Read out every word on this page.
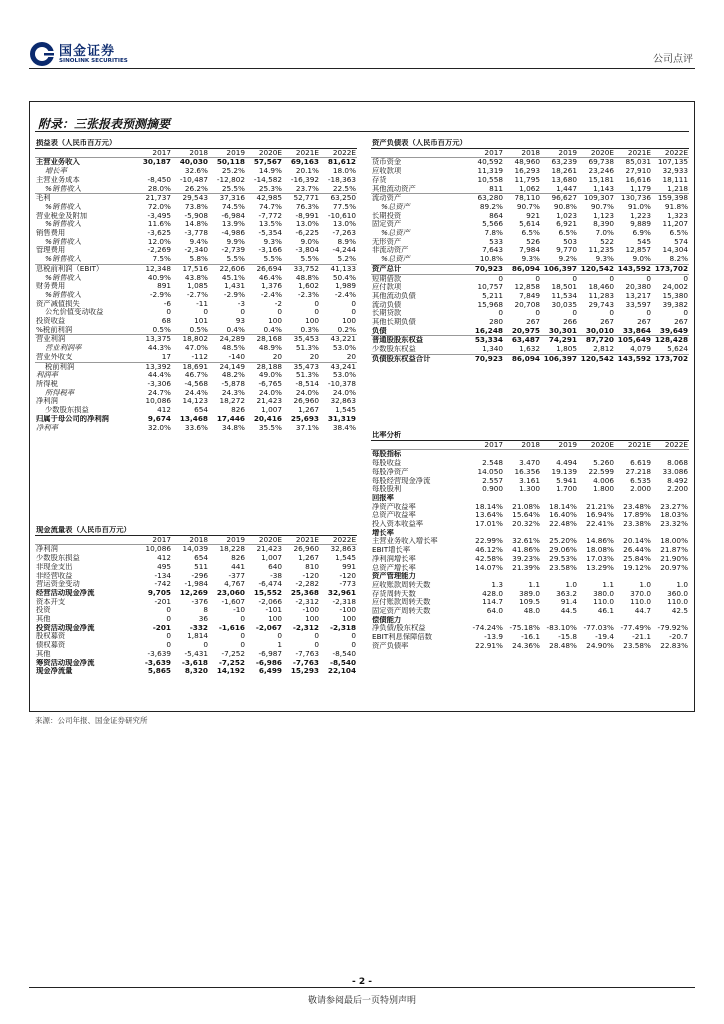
国金证券
SINOLINK SECURITIES	公司点评
附录：三张报表预测摘要
损益表（人民币百万元）						
	2017	2018	2019	2020E	2021E	2022E
主营业务收入	30,187	40,030	50,118	57,567	69,163	81,612
增长率		32.6%	25.2%	14.9%	20.1%	18.0%
主营业务成本	-8,450	-10,487	-12,802	-14,582	-16,392	-18,363
%销售收入	28.0%	26.2%	25.5%	25.3%	23.7%	22.5%
毛利	21,737	29,543	37,316	42,985	52,771	63,250
%销售收入	72.0%	73.8%	74.5%	74.7%	76.3%	77.5%
营业税金及附加	-3,495	-5,908	-6,984	-7,772	-8,991	-10,610
%销售收入	11.6%	14.8%	13.9%	13.5%	13.0%	13.0%
销售费用	-3,625	-3,778	-4,986	-5,354	-6,225	-7,263
%销售收入	12.0%	9.4%	9.9%	9.3%	9.0%	8.9%
管理费用	-2,269	-2,340	-2,739	-3,166	-3,804	-4,244
%销售收入	7.5%	5.8%	5.5%	5.5%	5.5%	5.2%
息税前利润（EBIT）	12,348	17,516	22,606	26,694	33,752	41,133
%销售收入	40.9%	43.8%	45.1%	46.4%	48.8%	50.4%
财务费用	891	1,085	1,431	1,376	1,602	1,989
%销售收入	-2.9%	-2.7%	-2.9%	-2.4%	-2.3%	-2.4%
资产减值损失	-6	-11	-3	-2	0	0
公允价值变动收益	0	0	0	0	0	0
投资收益	68	101	93	100	100	100
%税前利润	0.5%	0.5%	0.4%	0.4%	0.3%	0.2%
营业利润	13,375	18,802	24,289	28,168	35,453	43,221
营业利润率	44.3%	47.0%	48.5%	48.9%	51.3%	53.0%
营业外收支	17	-112	-140	20	20	20
税前利润	13,392	18,691	24,149	28,188	35,473	43,241
利润率	44.4%	46.7%	48.2%	49.0%	51.3%	53.0%
所得税	-3,306	-4,568	-5,878	-6,765	-8,514	-10,378
所得税率	24.7%	24.4%	24.3%	24.0%	24.0%	24.0%
净利润	10,086	14,123	18,272	21,423	26,960	32,863
少数股东损益	412	654	826	1,007	1,267	1,545
归属于母公司的净利润	9,674	13,468	17,446	20,416	25,693	31,319
净利率	32.0%	33.6%	34.8%	35.5%	37.1%	38.4%
现金流量表（人民币百万元）						
	2017	2018	2019	2020E	2021E	2022E
净利润	10,086	14,039	18,228	21,423	26,960	32,863
少数股东损益	412	654	826	1,007	1,267	1,545
非现金支出	495	511	441	640	810	991
非经营收益	-134	-296	-377	-38	-120	-120
营运资金变动	-742	-1,984	4,767	-6,474	-2,282	-773
经营活动现金净流	9,705	12,269	23,060	15,552	25,368	32,961
资本开支	-201	-376	-1,607	-2,066	-2,312	-2,318
投资	0	8	-10	-101	-100	-100
其他	0	36	0	100	100	100
投资活动现金净流	-201	-332	-1,616	-2,067	-2,312	-2,318
股权募资	0	1,814	0	0	0	0
债权募资	0	0	0	1	0	0
其他	-3,639	-5,431	-7,252	-6,987	-7,763	-8,540
筹资活动现金净流	-3,639	-3,618	-7,252	-6,986	-7,763	-8,540
现金净流量	5,865	8,320	14,192	6,499	15,293	22,104
资产负债表（人民币百万元）						
	2017	2018	2019	2020E	2021E	2022E
货币资金	40,592	48,960	63,239	69,738	85,031	107,135
应收款项	11,319	16,293	18,261	23,246	27,910	32,933
存货	10,558	11,795	13,680	15,181	16,616	18,111
其他流动资产	811	1,062	1,447	1,143	1,179	1,218
流动资产	63,280	78,110	96,627	109,307	130,736	159,398
%总资产	89.2%	90.7%	90.8%	90.7%	91.0%	91.8%
长期投资	864	921	1,023	1,123	1,223	1,323
固定资产	5,566	5,614	6,921	8,390	9,889	11,207
%总资产	7.8%	6.5%	6.5%	7.0%	6.9%	6.5%
无形资产	533	526	503	522	545	574
非流动资产	7,643	7,984	9,770	11,235	12,857	14,304
%总资产	10.8%	9.3%	9.2%	9.3%	9.0%	8.2%
资产总计	70,923	86,094	106,397	120,542	143,592	173,702
短期借款	0	0	0	0	0	0
应付款项	10,757	12,858	18,501	18,460	20,380	24,002
其他流动负债	5,211	7,849	11,534	11,283	13,217	15,380
流动负债	15,968	20,708	30,035	29,743	33,597	39,382
长期贷款	0	0	0	0	0	0
其他长期负债	280	267	266	267	267	267
负债	16,248	20,975	30,301	30,010	33,864	39,649
普通股股东权益	53,334	63,487	74,291	87,720	105,649	128,428
少数股东权益	1,340	1,632	1,805	2,812	4,079	5,624
负债股东权益合计	70,923	86,094	106,397	120,542	143,592	173,702
比率分析						
	2017	2018	2019	2020E	2021E	2022E
每股指标						
每股收益	2.548	3.470	4.494	5.260	6.619	8.068
每股净资产	14.050	16.356	19.139	22.599	27.218	33.086
每股经营现金净流	2.557	3.161	5.941	4.006	6.535	8.492
每股股利	0.900	1.300	1.700	1.800	2.000	2.200
回报率						
净资产收益率	18.14%	21.08%	18.14%	21.21%	23.48%	23.27%
总资产收益率	13.64%	15.64%	16.40%	16.94%	17.89%	18.03%
投入资本收益率	17.01%	20.32%	22.48%	22.41%	23.38%	23.32%
增长率						
主营业务收入增长率	22.99%	32.61%	25.20%	14.86%	20.14%	18.00%
EBIT增长率	46.12%	41.86%	29.06%	18.08%	26.44%	21.87%
净利润增长率	42.58%	39.23%	29.53%	17.03%	25.84%	21.90%
总资产增长率	14.07%	21.39%	23.58%	13.29%	19.12%	20.97%
资产管理能力						
应收账款周转天数	1.3	1.1	1.0	1.1	1.0	1.0
存货周转天数	428.0	389.0	363.2	380.0	370.0	360.0
应付账款周转天数	114.7	109.5	91.4	110.0	110.0	110.0
固定资产周转天数	64.0	48.0	44.5	46.1	44.7	42.5
偿债能力						
净负债/股东权益	-74.24%	-75.18%	-83.10%	-77.03%	-77.49%	-79.92%
EBIT利息保障倍数	-13.9	-16.1	-15.8	-19.4	-21.1	-20.7
资产负债率	22.91%	24.36%	28.48%	24.90%	23.58%	22.83%
来源：公司年报、国金证券研究所
- 2 -
敬请参阅最后一页特别声明
